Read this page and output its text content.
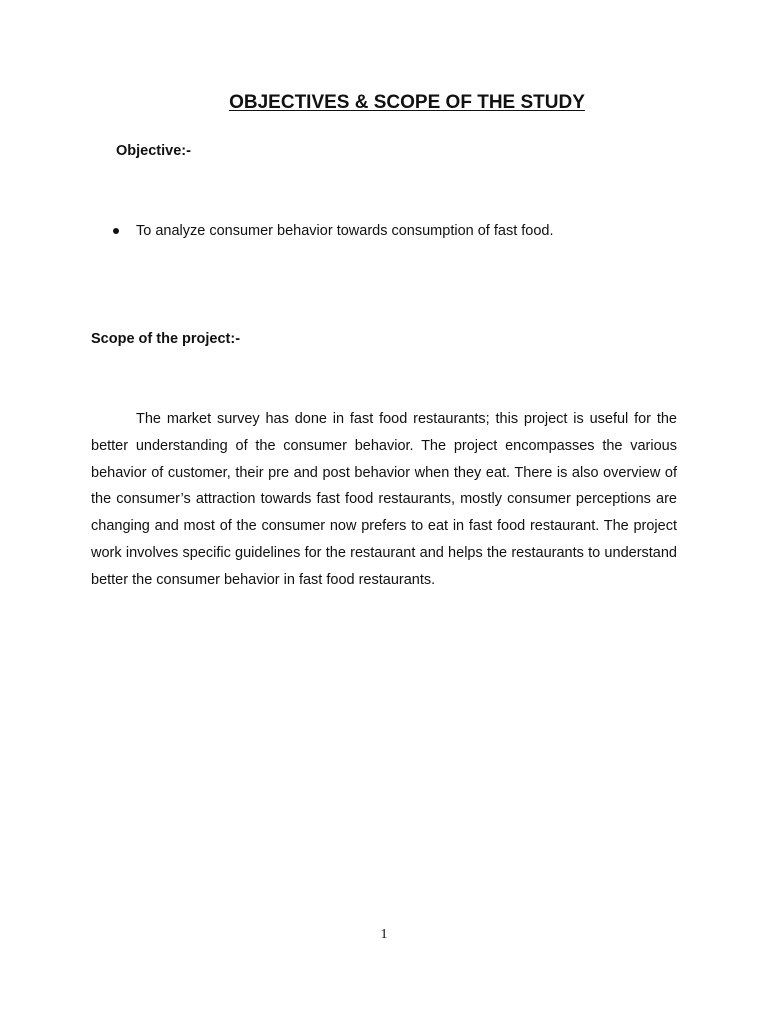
OBJECTIVES & SCOPE OF THE STUDY
Objective:-
To analyze consumer behavior towards consumption of fast food.
Scope of the project:-

The market survey has done in fast food restaurants; this project is useful for the better understanding of the consumer behavior. The project encompasses the various behavior of customer, their pre and post behavior when they eat. There is also overview of the consumer’s attraction towards fast food restaurants, mostly consumer perceptions are changing and most of the consumer now prefers to eat in fast food restaurant. The project work involves specific guidelines for the restaurant and helps the restaurants to understand better the consumer behavior in fast food restaurants.

1
